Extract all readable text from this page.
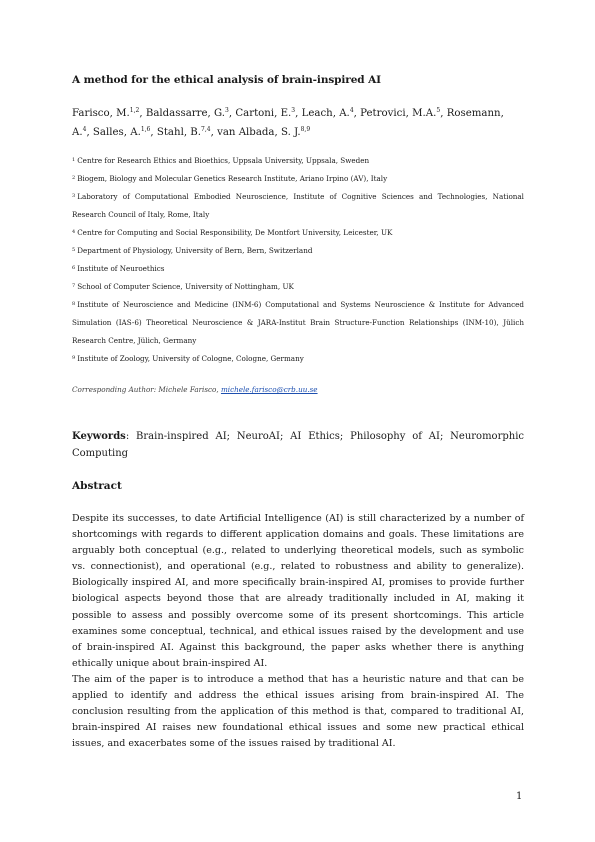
A method for the ethical analysis of brain-inspired AI
Farisco, M.$^{1,2}$, Baldassarre, G.$^3$, Cartoni, E.$^3$, Leach, A.$^4$, Petrovici, M.A.$^5$, Rosemann, A.$^4$, Salles, A.$^{1,6}$, Stahl, B.$^{7,4}$, van Albada, S. J.$^{8,9}$
$^1$ Centre for Research Ethics and Bioethics, Uppsala University, Uppsala, Sweden
$^2$ Biogem, Biology and Molecular Genetics Research Institute, Ariano Irpino (AV), Italy
$^3$ Laboratory of Computational Embodied Neuroscience, Institute of Cognitive Sciences and Technologies, National Research Council of Italy, Rome, Italy
$^4$ Centre for Computing and Social Responsibility, De Montfort University, Leicester, UK
$^5$ Department of Physiology, University of Bern, Bern, Switzerland
$^6$ Institute of Neuroethics
$^7$ School of Computer Science, University of Nottingham, UK
$^8$ Institute of Neuroscience and Medicine (INM-6) Computational and Systems Neuroscience & Institute for Advanced Simulation (IAS-6) Theoretical Neuroscience & JARA-Institut Brain Structure-Function Relationships (INM-10), Jülich Research Centre, Jülich, Germany
$^9$ Institute of Zoology, University of Cologne, Cologne, Germany
Corresponding Author: Michele Farisco, michele.farisco@crb.uu.se
Keywords: Brain-inspired AI; NeuroAI; AI Ethics; Philosophy of AI; Neuromorphic Computing
Abstract

Despite its successes, to date Artificial Intelligence (AI) is still characterized by a number of shortcomings with regards to different application domains and goals. These limitations are arguably both conceptual (e.g., related to underlying theoretical models, such as symbolic vs. connectionist), and operational (e.g., related to robustness and ability to generalize). Biologically inspired AI, and more specifically brain-inspired AI, promises to provide further biological aspects beyond those that are already traditionally included in AI, making it possible to assess and possibly overcome some of its present shortcomings. This article examines some conceptual, technical, and ethical issues raised by the development and use of brain-inspired AI. Against this background, the paper asks whether there is anything ethically unique about brain-inspired AI.

The aim of the paper is to introduce a method that has a heuristic nature and that can be applied to identify and address the ethical issues arising from brain-inspired AI. The conclusion resulting from the application of this method is that, compared to traditional AI, brain-inspired AI raises new foundational ethical issues and some new practical ethical issues, and exacerbates some of the issues raised by traditional AI.

1
